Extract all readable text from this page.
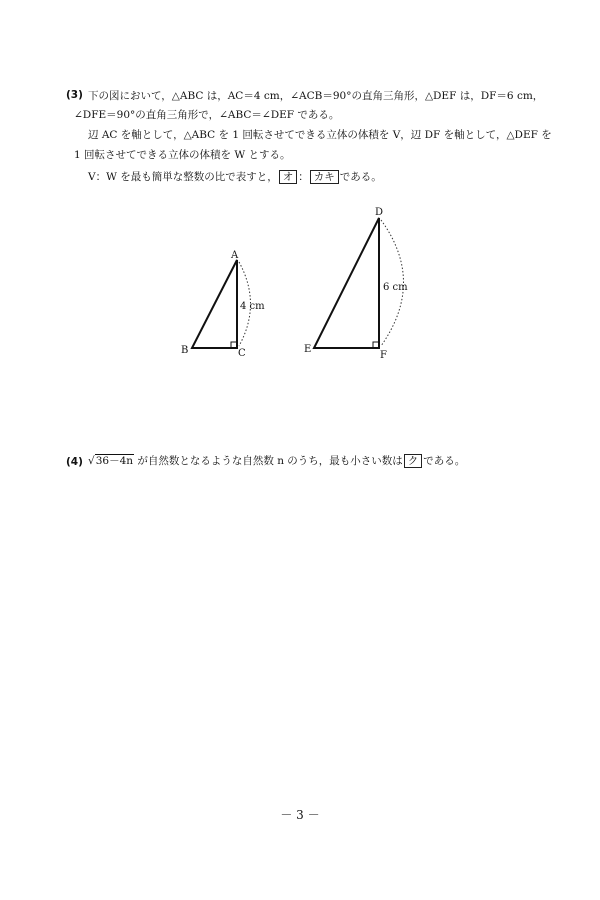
(3) 下の図において，△ABC は，AC＝4 cm，∠ACB＝90°の直角三角形，△DEF は，DF＝6 cm，
∠DFE＝90°の直角三角形で，∠ABC＝∠DEF である。
辺 AC を軸として，△ABC を 1 回転させてできる立体の体積を V，辺 DF を軸として，△DEF を
1 回転させてできる立体の体積を W とする。
V：W を最も簡単な整数の比で表すと， オ ： カキ である。
A
B	C
4 cm
D
E
F
6 cm
(4) √36－4n が自然数となるような自然数 n のうち，最も小さい数は ク である。
－ 3 －
